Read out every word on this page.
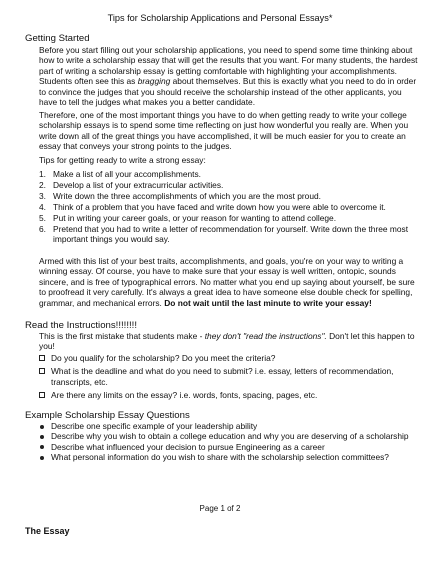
Tips for Scholarship Applications and Personal Essays*
Getting Started
Before you start filling out your scholarship applications, you need to spend some time thinking about how to write a scholarship essay that will get the results that you want. For many students, the hardest part of writing a scholarship essay is getting comfortable with highlighting your accomplishments. Students often see this as bragging about themselves. But this is exactly what you need to do in order to convince the judges that you should receive the scholarship instead of the other applicants, you have to tell the judges what makes you a better candidate.
Therefore, one of the most important things you have to do when getting ready to write your college scholarship essays is to spend some time reflecting on just how wonderful you really are. When you write down all of the great things you have accomplished, it will be much easier for you to create an essay that conveys your strong points to the judges.
Tips for getting ready to write a strong essay:
1. Make a list of all your accomplishments.
2. Develop a list of your extracurricular activities.
3. Write down the three accomplishments of which you are the most proud.
4. Think of a problem that you have faced and write down how you were able to overcome it.
5. Put in writing your career goals, or your reason for wanting to attend college.
6. Pretend that you had to write a letter of recommendation for yourself. Write down the three most important things you would say.
Armed with this list of your best traits, accomplishments, and goals, you're on your way to writing a winning essay. Of course, you have to make sure that your essay is well written, ontopic, sounds sincere, and is free of typographical errors. No matter what you end up saying about yourself, be sure to proofread it very carefully. It's always a great idea to have someone else double check for spelling, grammar, and mechanical errors. Do not wait until the last minute to write your essay!
Read the Instructions!!!!!!!!
This is the first mistake that students make - they don't "read the instructions". Don't let this happen to you!
Do you qualify for the scholarship? Do you meet the criteria?
What is the deadline and what do you need to submit? i.e. essay, letters of recommendation, transcripts, etc.
Are there any limits on the essay? i.e. words, fonts, spacing, pages, etc.
Example Scholarship Essay Questions
Describe one specific example of your leadership ability
Describe why you wish to obtain a college education and why you are deserving of a scholarship
Describe what influenced your decision to pursue Engineering as a career
What personal information do you wish to share with the scholarship selection committees?
Page 1 of 2
The Essay
